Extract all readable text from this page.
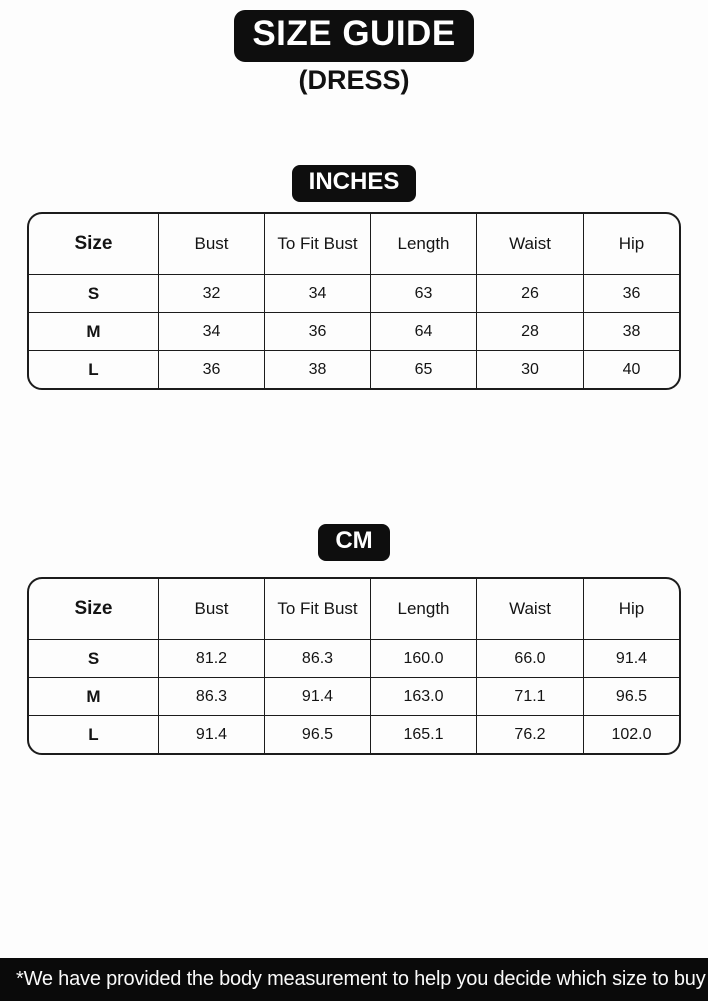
SIZE GUIDE
(DRESS)
INCHES
Size	Bust	To Fit Bust	Length	Waist	Hip
S	32	34	63	26	36
M	34	36	64	28	38
L	36	38	65	30	40
CM
Size	Bust	To Fit Bust	Length	Waist	Hip
S	81.2	86.3	160.0	66.0	91.4
M	86.3	91.4	163.0	71.1	96.5
L	91.4	96.5	165.1	76.2	102.0
*We have provided the body measurement to help you decide which size to buy
